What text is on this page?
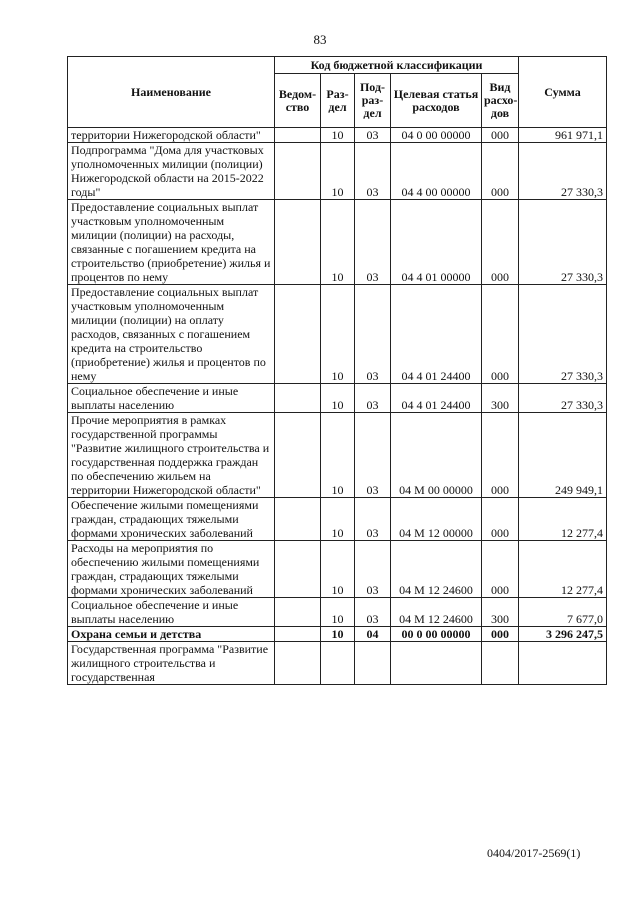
83
Наименование	Код бюджетной классификации					Сумма
	Ведом-ство	Раз-дел	Под-раз-дел	Целевая статья расходов	Вид расхо-дов	
территории Нижегородской области"		10	03	04 0 00 00000	000	961 971,1
Подпрограмма "Дома для участковых уполномоченных милиции (полиции) Нижегородской области на 2015-2022 годы"		10	03	04 4 00 00000	000	27 330,3
Предоставление социальных выплат участковым уполномоченным милиции (полиции) на расходы, связанные с погашением кредита на строительство (приобретение) жилья и процентов по нему		10	03	04 4 01 00000	000	27 330,3
Предоставление социальных выплат участковым уполномоченным милиции (полиции) на оплату расходов, связанных с погашением кредита на строительство (приобретение) жилья и процентов по нему		10	03	04 4 01 24400	000	27 330,3
Социальное обеспечение и иные выплаты населению		10	03	04 4 01 24400	300	27 330,3
Прочие мероприятия в рамках государственной программы "Развитие жилищного строительства и государственная поддержка граждан по обеспечению жильем на территории Нижегородской области"		10	03	04 М 00 00000	000	249 949,1
Обеспечение жилыми помещениями граждан, страдающих тяжелыми формами хронических заболеваний		10	03	04 М 12 00000	000	12 277,4
Расходы на мероприятия по обеспечению жилыми помещениями граждан, страдающих тяжелыми формами хронических заболеваний		10	03	04 М 12 24600	000	12 277,4
Социальное обеспечение и иные выплаты населению		10	03	04 М 12 24600	300	7 677,0
Охрана семьи и детства		10	04	00 0 00 00000	000	3 296 247,5
Государственная программа "Развитие жилищного строительства и государственная						
0404/2017-2569(1)
